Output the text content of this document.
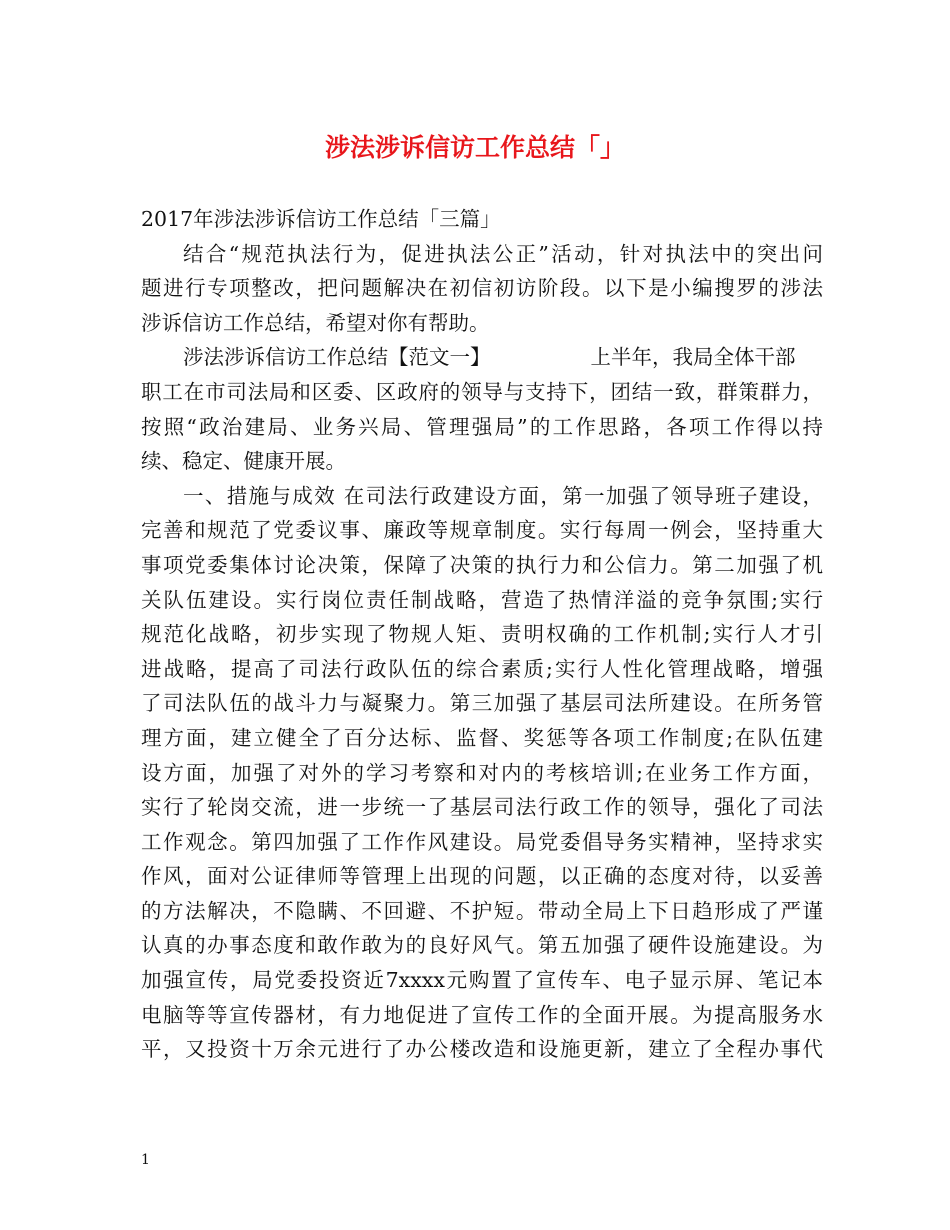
涉法涉诉信访工作总结「」
2017年涉法涉诉信访工作总结「三篇」
结合“规范执法行为，促进执法公正”活动，针对执法中的突出问
题进行专项整改，把问题解决在初信初访阶段。以下是小编搜罗的涉法
涉诉信访工作总结，希望对你有帮助。
涉法涉诉信访工作总结【范文一】	上半年，我局全体干部
职工在市司法局和区委、区政府的领导与支持下，团结一致，群策群力，
按照“政治建局、业务兴局、管理强局”的工作思路，各项工作得以持
续、稳定、健康开展。
一、措施与成效 在司法行政建设方面，第一加强了领导班子建设，
完善和规范了党委议事、廉政等规章制度。实行每周一例会，坚持重大
事项党委集体讨论决策，保障了决策的执行力和公信力。第二加强了机
关队伍建设。实行岗位责任制战略，营造了热情洋溢的竞争氛围;实行
规范化战略，初步实现了物规人矩、责明权确的工作机制;实行人才引
进战略，提高了司法行政队伍的综合素质;实行人性化管理战略，增强
了司法队伍的战斗力与凝聚力。第三加强了基层司法所建设。在所务管
理方面，建立健全了百分达标、监督、奖惩等各项工作制度;在队伍建
设方面，加强了对外的学习考察和对内的考核培训;在业务工作方面，
实行了轮岗交流，进一步统一了基层司法行政工作的领导，强化了司法
工作观念。第四加强了工作作风建设。局党委倡导务实精神，坚持求实
作风，面对公证律师等管理上出现的问题，以正确的态度对待，以妥善
的方法解决，不隐瞒、不回避、不护短。带动全局上下日趋形成了严谨
认真的办事态度和敢作敢为的良好风气。第五加强了硬件设施建设。为
加强宣传，局党委投资近7xxxx元购置了宣传车、电子显示屏、笔记本
电脑等等宣传器材，有力地促进了宣传工作的全面开展。为提高服务水
平，又投资十万余元进行了办公楼改造和设施更新，建立了全程办事代
1
